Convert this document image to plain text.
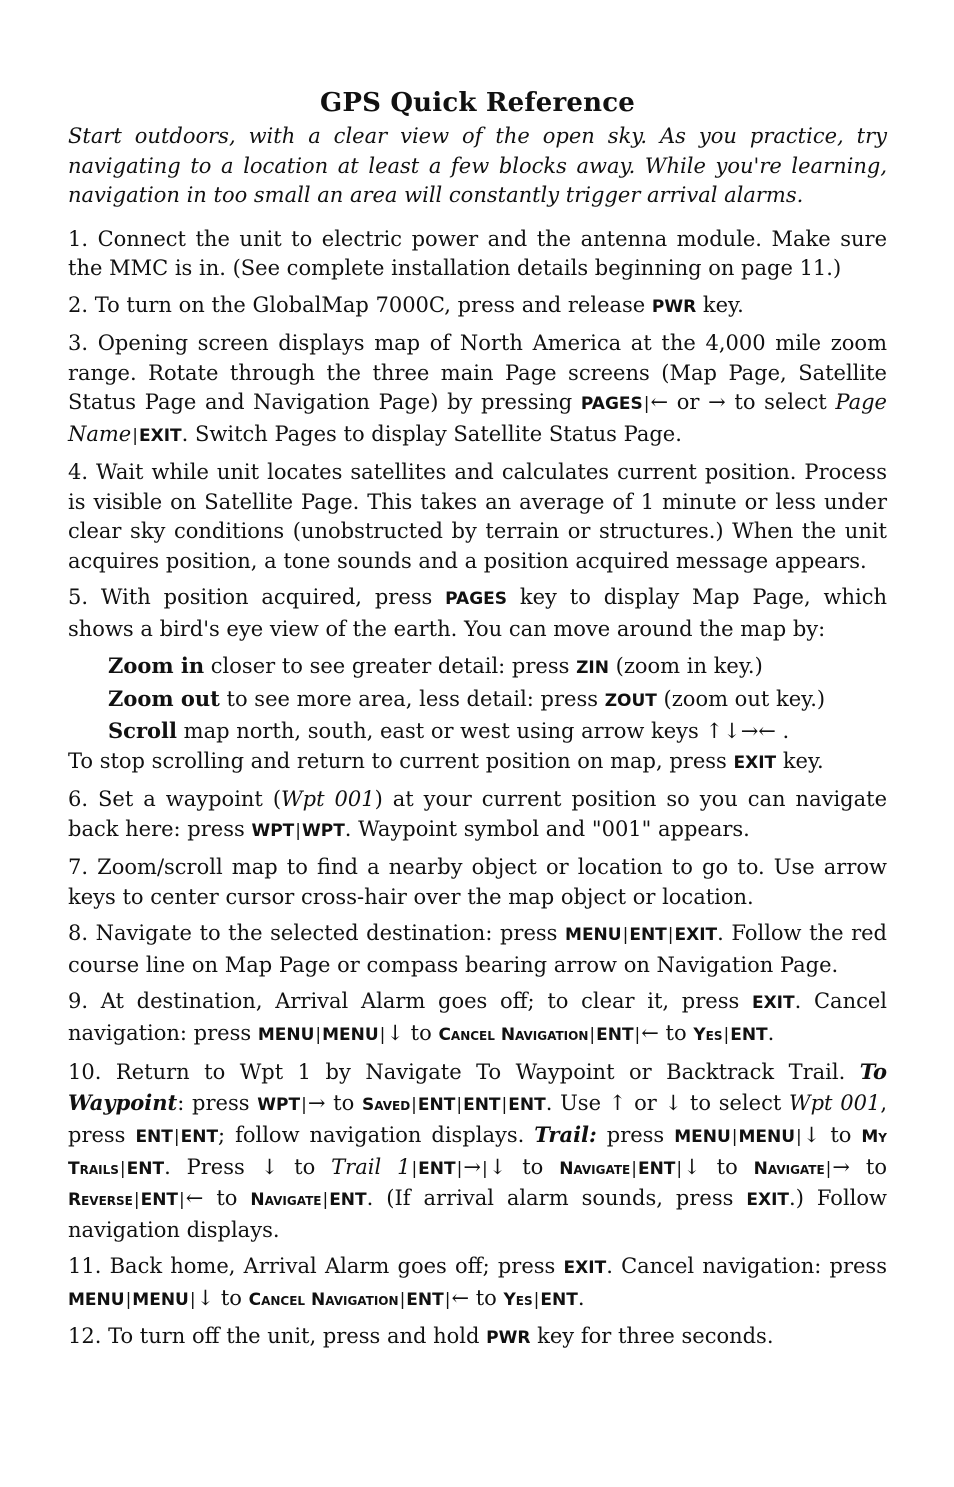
GPS Quick Reference

Start outdoors, with a clear view of the open sky. As you practice, try navigating to a location at least a few blocks away. While you're learning, navigation in too small an area will constantly trigger arrival alarms.

1. Connect the unit to electric power and the antenna module. Make sure the MMC is in. (See complete installation details beginning on page 11.)

2. To turn on the GlobalMap 7000C, press and release PWR key.

3. Opening screen displays map of North America at the 4,000 mile zoom range. Rotate through the three main Page screens (Map Page, Satellite Status Page and Navigation Page) by pressing PAGES|← or → to select Page Name|EXIT. Switch Pages to display Satellite Status Page.

4. Wait while unit locates satellites and calculates current position. Process is visible on Satellite Page. This takes an average of 1 minute or less under clear sky conditions (unobstructed by terrain or structures.) When the unit acquires position, a tone sounds and a position acquired message appears.

5. With position acquired, press PAGES key to display Map Page, which shows a bird's eye view of the earth. You can move around the map by:

Zoom in closer to see greater detail: press ZIN (zoom in key.)

Zoom out to see more area, less detail: press ZOUT (zoom out key.)

Scroll map north, south, east or west using arrow keys ↑↓→← .

To stop scrolling and return to current position on map, press EXIT key.

6. Set a waypoint (Wpt 001) at your current position so you can navigate back here: press WPT|WPT. Waypoint symbol and "001" appears.

7. Zoom/scroll map to find a nearby object or location to go to. Use arrow keys to center cursor cross-hair over the map object or location.

8. Navigate to the selected destination: press MENU|ENT|EXIT. Follow the red course line on Map Page or compass bearing arrow on Navigation Page.

9. At destination, Arrival Alarm goes off; to clear it, press EXIT. Cancel navigation: press MENU|MENU|↓ to Cancel Navigation|ENT|← to Yes|ENT.

10. Return to Wpt 1 by Navigate To Waypoint or Backtrack Trail. To Waypoint: press WPT|→ to Saved|ENT|ENT|ENT. Use ↑ or ↓ to select Wpt 001, press ENT|ENT; follow navigation displays. Trail: press MENU|MENU|↓ to My Trails|ENT. Press ↓ to Trail 1|ENT|→|↓ to Navigate|ENT|↓ to Navigate|→ to Reverse|ENT|← to Navigate|ENT. (If arrival alarm sounds, press EXIT.) Follow navigation displays.

11. Back home, Arrival Alarm goes off; press EXIT. Cancel navigation: press MENU|MENU|↓ to Cancel Navigation|ENT|← to Yes|ENT.

12. To turn off the unit, press and hold PWR key for three seconds.
